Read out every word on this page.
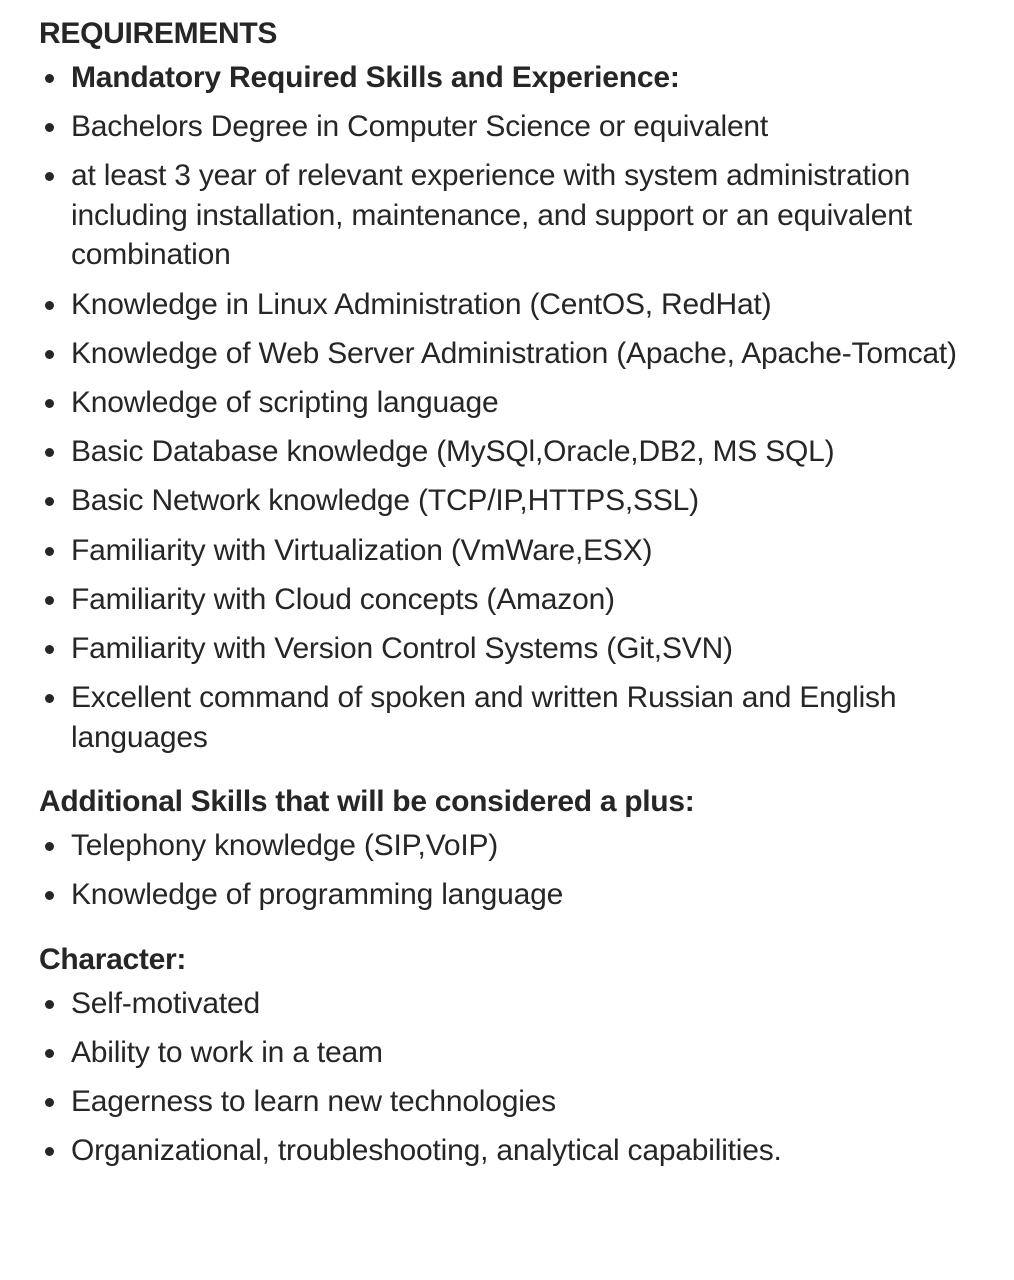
REQUIREMENTS
Mandatory Required Skills and Experience:
Bachelors Degree in Computer Science or equivalent
at least 3 year of relevant experience with system administration including installation, maintenance, and support or an equivalent combination
Knowledge in Linux Administration (CentOS, RedHat)
Knowledge of Web Server Administration (Apache, Apache-Tomcat)
Knowledge of scripting language
Basic Database knowledge (MySQl,Oracle,DB2, MS SQL)
Basic Network knowledge (TCP/IP,HTTPS,SSL)
Familiarity with Virtualization (VmWare,ESX)
Familiarity with Cloud concepts (Amazon)
Familiarity with Version Control Systems (Git,SVN)
Excellent command of spoken and written Russian and English languages
Additional Skills that will be considered a plus:
Telephony knowledge (SIP,VoIP)
Knowledge of programming language
Character:
Self-motivated
Ability to work in a team
Eagerness to learn new technologies
Organizational, troubleshooting, analytical capabilities.
